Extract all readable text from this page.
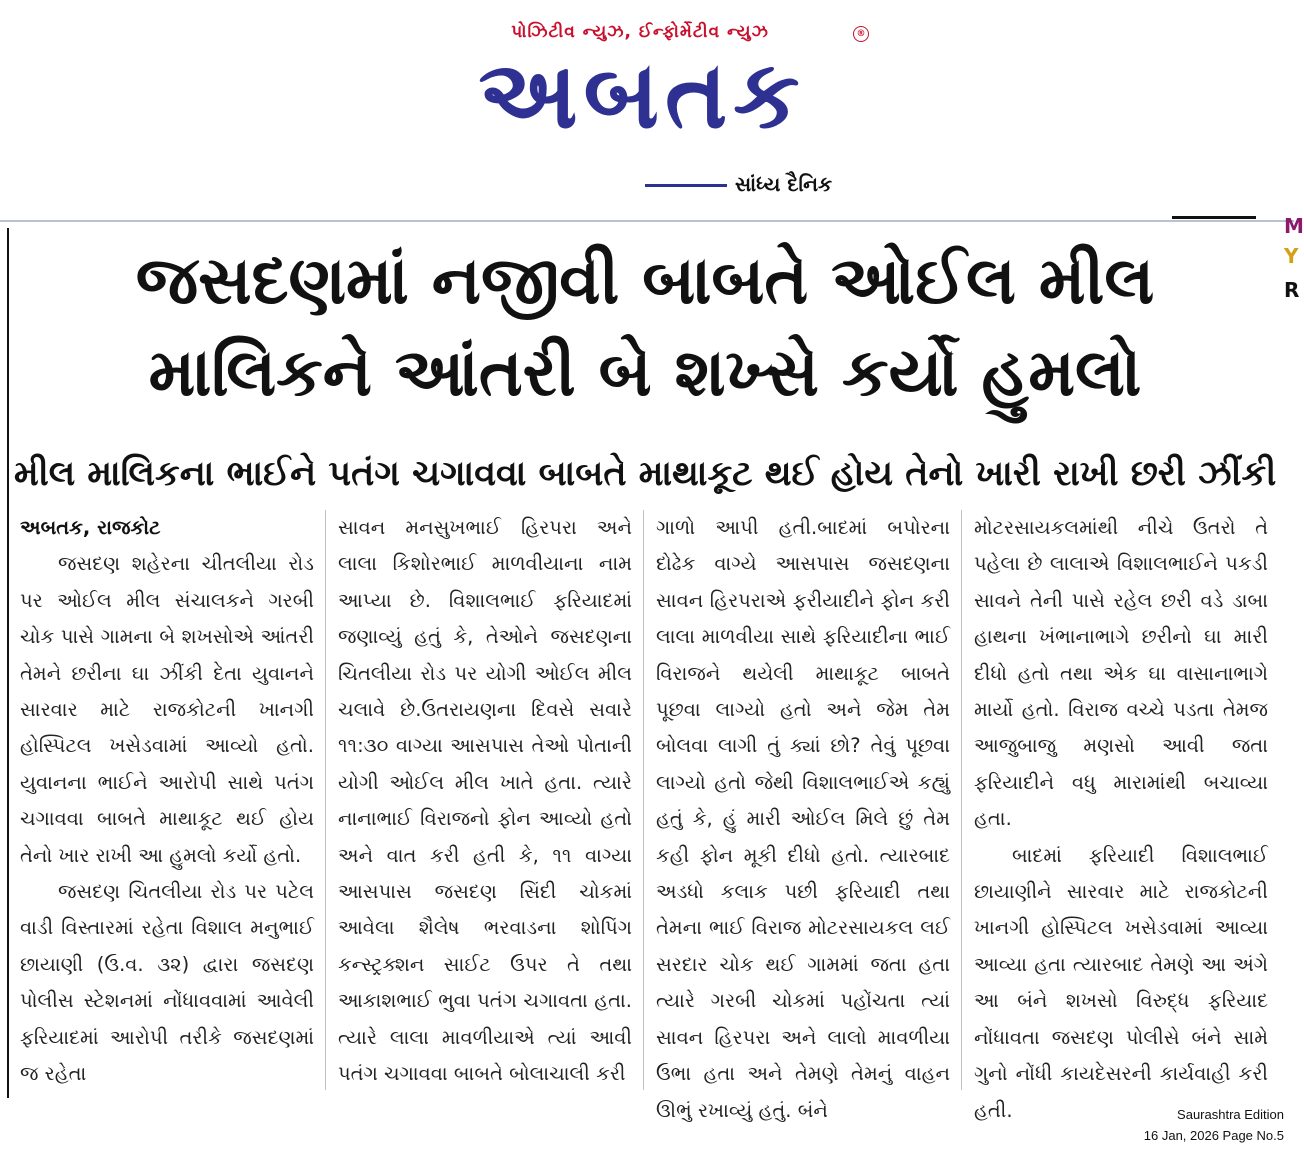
પોઝિટીવ ન્યુઝ, ઈન્ફોર્મેટીવ ન્યુઝ	®
અબતક
સાંધ્ય દૈનિક
M
Y
R
જસદણમાં નજીવી બાબતે ઓઈલ મીલ
માલિકને આંતરી બે શખ્સે કર્યો હુમલો
મીલ માલિકના ભાઈને પતંગ ચગાવવા બાબતે માથાકૂટ થઈ હોય તેનો ખારી રાખી છરી ઝીંકી
અબતક, રાજકોટ

જસદણ શહેરના ચીતલીયા રોડ પર ઓઈલ મીલ સંચાલકને ગરબી ચોક પાસે ગામના બે શખસોએ આંતરી તેમને છરીના ઘા ઝીંકી દેતા યુવાનને સારવાર માટે રાજકોટની ખાનગી હોસ્પિટલ ખસેડવામાં આવ્યો હતો. યુવાનના ભાઈને આરોપી સાથે પતંગ ચગાવવા બાબતે માથાકૂટ થઈ હોય તેનો ખાર રાખી આ હુમલો કર્યો હતો.

જસદણ ચિતલીયા રોડ પર પટેલ વાડી વિસ્તારમાં રહેતા વિશાલ મનુભાઈ છાયાણી (ઉ.વ. ૩૨) દ્વારા જસદણ પોલીસ સ્ટેશનમાં નોંધાવવામાં આવેલી ફરિયાદમાં આરોપી તરીકે જસદણમાં જ રહેતા

સાવન મનસુખભાઈ હિરપરા અને લાલા કિશોરભાઈ માળવીયાના નામ આપ્યા છે. વિશાલભાઈ ફરિયાદમાં જણાવ્યું હતું કે, તેઓને જસદણના ચિતલીયા રોડ પર યોગી ઓઈલ મીલ ચલાવે છે.ઉતરાયણના દિવસે સવારે ૧૧:૩૦ વાગ્યા આસપાસ તેઓ પોતાની યોગી ઓઈલ મીલ ખાતે હતા. ત્યારે નાનાભાઈ વિરાજનો ફોન આવ્યો હતો અને વાત કરી હતી કે, ૧૧ વાગ્યા આસપાસ જસદણ સિંદી ચોકમાં આવેલા શૈલેષ ભરવાડના શોપિંગ કન્સ્ટ્રક્શન સાઈટ ઉપર તે તથા આકાશભાઈ ભુવા પતંગ ચગાવતા હતા. ત્યારે લાલા માવળીયાએ ત્યાં આવી પતંગ ચગાવવા બાબતે બોલાચાલી કરી

ગાળો આપી હતી.બાદમાં બપોરના દોઢેક વાગ્યે આસપાસ જસદણના સાવન હિરપરાએ ફરીયાદીને ફોન કરી લાલા માળવીયા સાથે ફરિયાદીના ભાઈ વિરાજને થયેલી માથાકૂટ બાબતે પૂછવા લાગ્યો હતો અને જેમ તેમ બોલવા લાગી તું ક્યાં છો? તેવું પૂછવા લાગ્યો હતો જેથી વિશાલભાઈએ કહ્યું હતું કે, હું મારી ઓઈલ મિલે છું તેમ કહી ફોન મૂકી દીધો હતો. ત્યારબાદ અડધો કલાક પછી ફરિયાદી તથા તેમના ભાઈ વિરાજ મોટરસાયકલ લઈ સરદાર ચોક થઈ ગામમાં જતા હતા ત્યારે ગરબી ચોકમાં પહોંચતા ત્યાં સાવન હિરપરા અને લાલો માવળીયા ઉભા હતા અને તેમણે તેમનું વાહન ઊભું રખાવ્યું હતું. બંને

મોટરસાયકલમાંથી નીચે ઉતરો તે પહેલા છે લાલાએ વિશાલભાઈને પકડી સાવને તેની પાસે રહેલ છરી વડે ડાબા હાથના ખંભાનાભાગે છરીનો ઘા મારી દીધો હતો તથા એક ઘા વાસાનાભાગે માર્યો હતો. વિરાજ વચ્ચે પડતા તેમજ આજુબાજુ મણસો આવી જતા ફરિયાદીને વધુ મારામાંથી બચાવ્યા હતા.

બાદમાં ફરિયાદી વિશાલભાઈ છાયાણીને સારવાર માટે રાજકોટની ખાનગી હોસ્પિટલ ખસેડવામાં આવ્યા આવ્યા હતા ત્યારબાદ તેમણે આ અંગે આ બંને શખસો વિરુદ્ધ ફરિયાદ નોંધાવતા જસદણ પોલીસે બંને સામે ગુનો નોંધી કાયદેસરની કાર્યવાહી કરી હતી.	Saurashtra Edition
16 Jan, 2026 Page No.5
